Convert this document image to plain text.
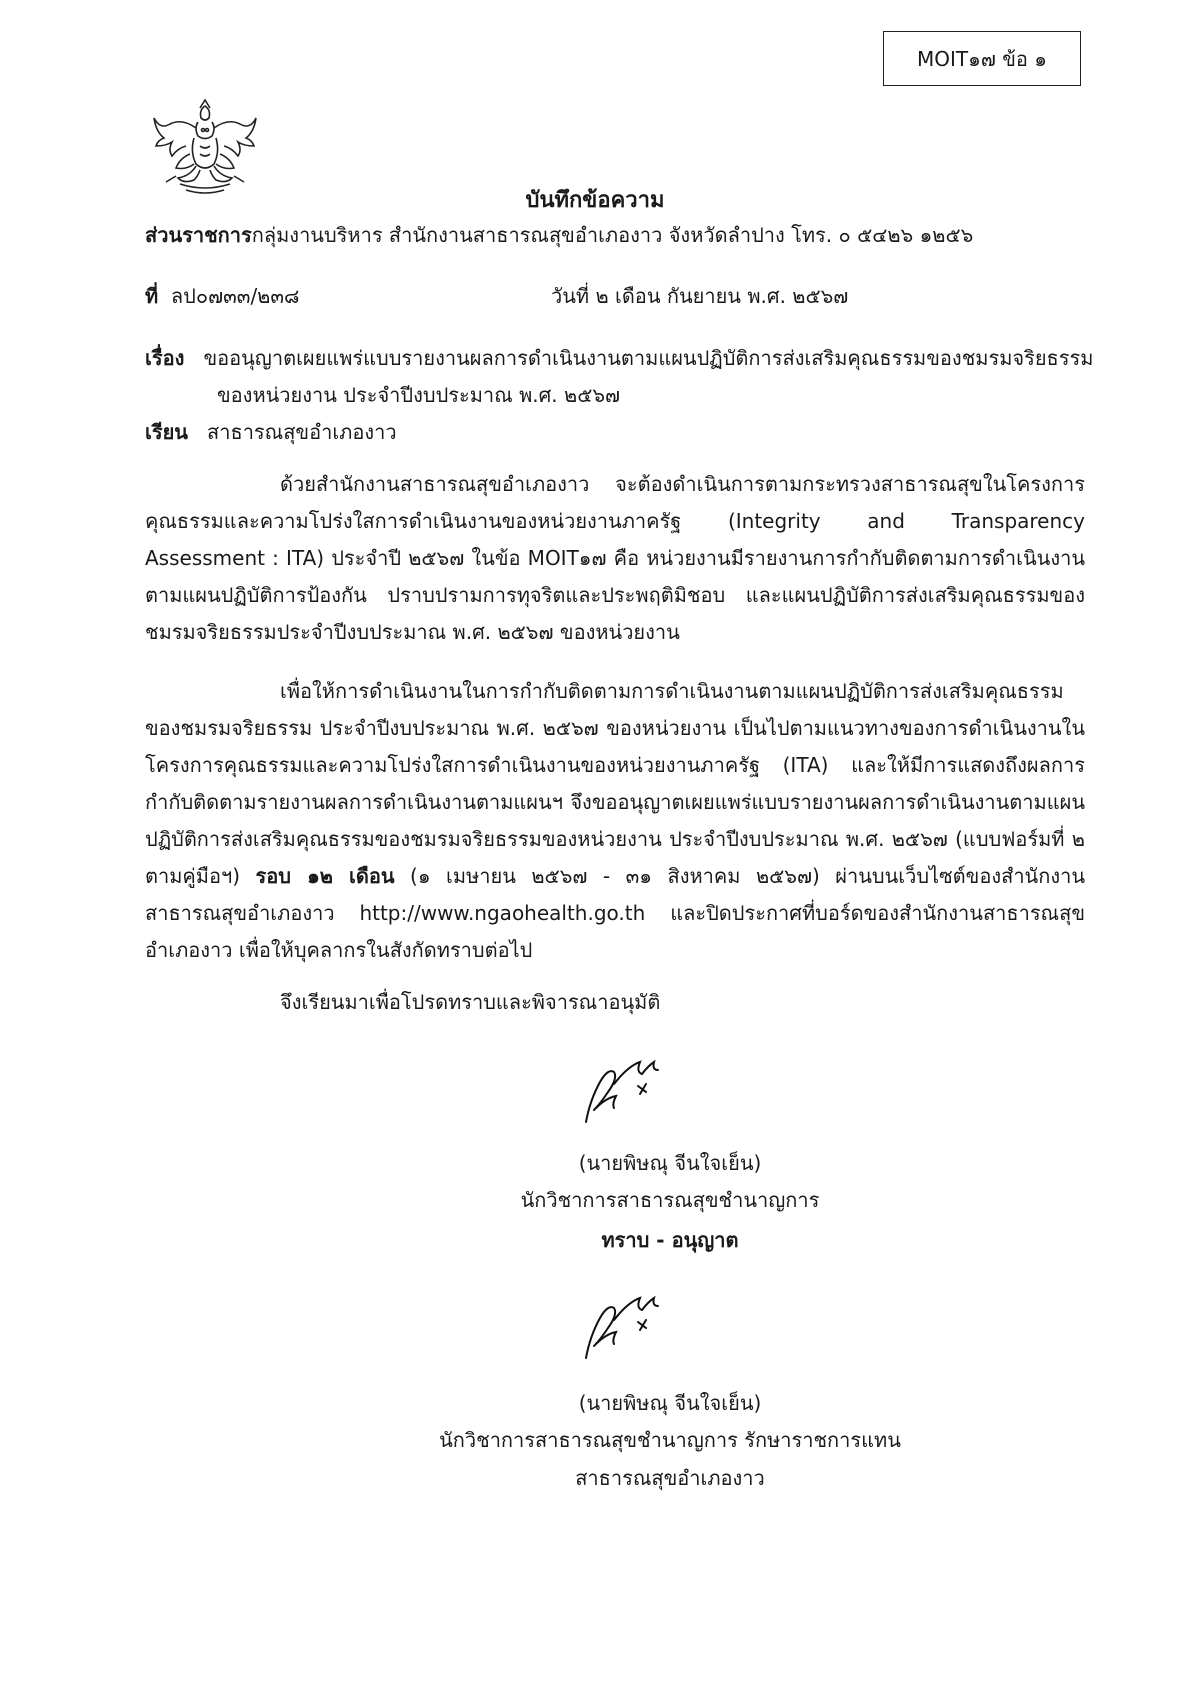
MOIT๑๗ ข้อ ๑
บันทึกข้อความ
ส่วนราชการกลุ่มงานบริหาร สำนักงานสาธารณสุขอำเภองาว จังหวัดลำปาง โทร. ๐ ๕๔๒๖ ๑๒๕๖
ที่ ลป๐๗๓๓/๒๓๘	วันที่ ๒ เดือน กันยายน พ.ศ. ๒๕๖๗
เรื่อง ขออนุญาตเผยแพร่แบบรายงานผลการดำเนินงานตามแผนปฏิบัติการส่งเสริมคุณธรรมของชมรมจริยธรรม
ของหน่วยงาน ประจำปีงบประมาณ พ.ศ. ๒๕๖๗
เรียน สาธารณสุขอำเภองาว
ด้วยสำนักงานสาธารณสุขอำเภองาว จะต้องดำเนินการตามกระทรวงสาธารณสุขในโครงการคุณธรรมและความโปร่งใสการดำเนินงานของหน่วยงานภาครัฐ (Integrity and Transparency Assessment : ITA) ประจำปี ๒๕๖๗ ในข้อ MOIT๑๗ คือ หน่วยงานมีรายงานการกำกับติดตามการดำเนินงานตามแผนปฏิบัติการป้องกัน ปราบปรามการทุจริตและประพฤติมิชอบ และแผนปฏิบัติการส่งเสริมคุณธรรมของชมรมจริยธรรมประจำปีงบประมาณ พ.ศ. ๒๕๖๗ ของหน่วยงาน
เพื่อให้การดำเนินงานในการกำกับติดตามการดำเนินงานตามแผนปฏิบัติการส่งเสริมคุณธรรมของชมรมจริยธรรม ประจำปีงบประมาณ พ.ศ. ๒๕๖๗ ของหน่วยงาน เป็นไปตามแนวทางของการดำเนินงานในโครงการคุณธรรมและความโปร่งใสการดำเนินงานของหน่วยงานภาครัฐ (ITA) และให้มีการแสดงถึงผลการกำกับติดตามรายงานผลการดำเนินงานตามแผนฯ จึงขออนุญาตเผยแพร่แบบรายงานผลการดำเนินงานตามแผนปฏิบัติการส่งเสริมคุณธรรมของชมรมจริยธรรมของหน่วยงาน ประจำปีงบประมาณ พ.ศ. ๒๕๖๗ (แบบฟอร์มที่ ๒ ตามคู่มือฯ) รอบ ๑๒ เดือน (๑ เมษายน ๒๕๖๗ - ๓๑ สิงหาคม ๒๕๖๗) ผ่านบนเว็บไซต์ของสำนักงานสาธารณสุขอำเภองาว http://www.ngaohealth.go.th และปิดประกาศที่บอร์ดของสำนักงานสาธารณสุขอำเภองาว เพื่อให้บุคลากรในสังกัดทราบต่อไป
จึงเรียนมาเพื่อโปรดทราบและพิจารณาอนุมัติ
(นายพิษณุ จีนใจเย็น)
นักวิชาการสาธารณสุขชำนาญการ
ทราบ - อนุญาต
(นายพิษณุ จีนใจเย็น)
นักวิชาการสาธารณสุขชำนาญการ รักษาราชการแทน
สาธารณสุขอำเภองาว
